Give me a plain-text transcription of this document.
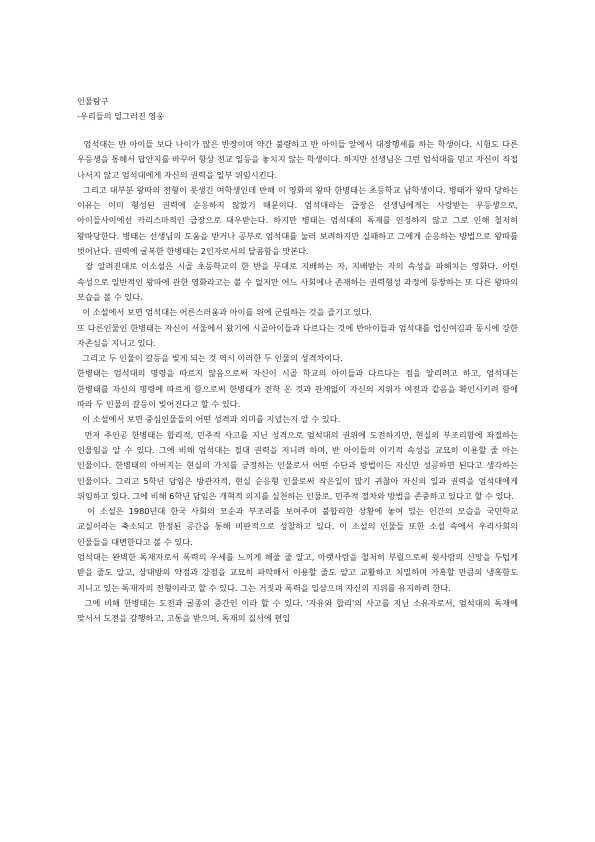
인물탐구
-우리들의 일그러진 영웅

엄석대는 반 아이들 보다 나이가 많은 반장이며 약간 불량하고 반 아이들 앞에서 대장행세를 하는 학생이다. 시험도 다른 우등생을 통해서 답안지를 바꾸어 항상 전교 일등을 놓치지 않는 학생이다. 하지만 선생님은 그런 엄석대를 믿고 자신이 직접 나서지 않고 엄석대에게 자신의 권력을 일부 위임시킨다.

그리고 대부분 왕따의 전형이 못생긴 여학생인데 반해 이 영화의 왕따 한병태는 초등학교 남학생이다. 병태가 왕따 당하는 이유는 이미 형성된 권력에 순응하지 않았기 때문이다. 엄석대라는 급장은 선생님에게는 사랑받는 우등생으로, 아이들사이에선 카리스마적인 급장으로 대우받는다. 하지만 병태는 엄석대의 독재를 인정하지 않고 그로 인해 철저히 왕따당한다. 병태는 선생님의 도움을 받거나 공부로 엄석대를 눌러 보려하지만 실패하고 그에게 순응하는 방법으로 왕따를 벗어난다. 권력에 굴복한 한병태는 2인자로서의 달콤함을 맛본다.

잘 알려진대로 이소설은 시골 초등학교의 한 반을 무대로 지배하는 자, 지배받는 자의 속성을 파헤치는 영화다. 이런 속성으로 일반적인 왕따에 관한 영화라고는 볼 수 없지만 어느 사회에나 존재하는 권력형성 과정에 등장하는 또 다른 왕따의 모습을 볼 수 있다.

이 소설에서 보면 엄석대는 어른스러움과 아이를 위에 군림하는 것을 즐기고 있다.

또 다른인물인 한병태는 자신이 서울에서 왔기에 시골아이들과 다르다는 것에 반아이들과 엄석대를 업신여김과 동시에 강한 자존심을 지니고 있다.

그리고 두 인물이 갈등을 빚게 되는 것 역시 이러한 두 인물의 성격차이다.

한병태는 엄석대의 명령을 따르지 않음으로써 자신이 시골 학교의 아이들과 다르다는 점을 알리려고 하고, 엄석대는 한병태를 자신의 명령에 따르게 함으로써 한병태가 전학 온 것과 관계없이 자신의 지위가 여전과 같음을 확인시키려 함에 따라 두 인물의 갈등이 빚어진다고 할 수 있다.

이 소설에서 보면 중심인물들의 어떤 성격과 의미를 지녔는지 알 수 있다.

먼저 주인공 한병태는 합리적, 민주적 사고를 지닌 성격으로 엄석대의 권위에 도전하지만, 현실의 부조리함에 좌절하는 인물임을 알 수 있다. 그에 비해 엄석대는 절대 권력을 지니려 하며, 반 아이들의 이기적 속성을 교묘히 이용할 줄 아는 인물이다. 한병태의 아버지는 현실의 가치를 긍정하는 인물로서 어떤 수단과 방법이든 자신만 성공하면 된다고 생각하는 인물이다. 그리고 5학년 담임은 방관자적, 현실 순응형 인물로써 작은일이 많기 귀찮아 자신의 일과 권력을 엄석대에게 위임하고 있다. 그에 비해 6학년 담임은 개혁적 의지를 실천하는 인물로, 민주적 절차와 방법을 존중하고 있다고 할 수 있다.

이 소설은 1980년대 한국 사회의 모순과 부조리를 보여주며 불합리한 상황에 놓여 있는 인간의 모습을 국민학교 교실이라는 축소되고 한정된 공간을 통해 비판적으로 성찰하고 있다. 이 소설의 인물들 또한 소설 속에서 우리사회의 인물들을 대변한다고 볼 수 있다.

엄석대는 완벽한 독재자로서 폭력의 우세를 느끼게 해줄 줄 알고, 아랫사람을 철저히 부릴으로써 윗사람의 신망을 두텁게 받을 줄도 알고, 상대방의 약점과 강점을 교묘히 파악해서 이용할 줄도 알고 교활하고 치밀하며 가혹할 만큼의 냉혹함도 지니고 있는 독재자의 전형이라고 할 수 있다. 그는 거짓과 폭력을 일삼으며 자신의 지위를 유지하려 한다.

그에 비해 한병태는 도전과 굴종의 중간인 이라 할 수 있다. '자유와 합리'의 사고를 지닌 소유자로서, 엄석대의 독재에 맞서서 도전을 감행하고, 고통을 받으며, 독재의 질서에 편입
